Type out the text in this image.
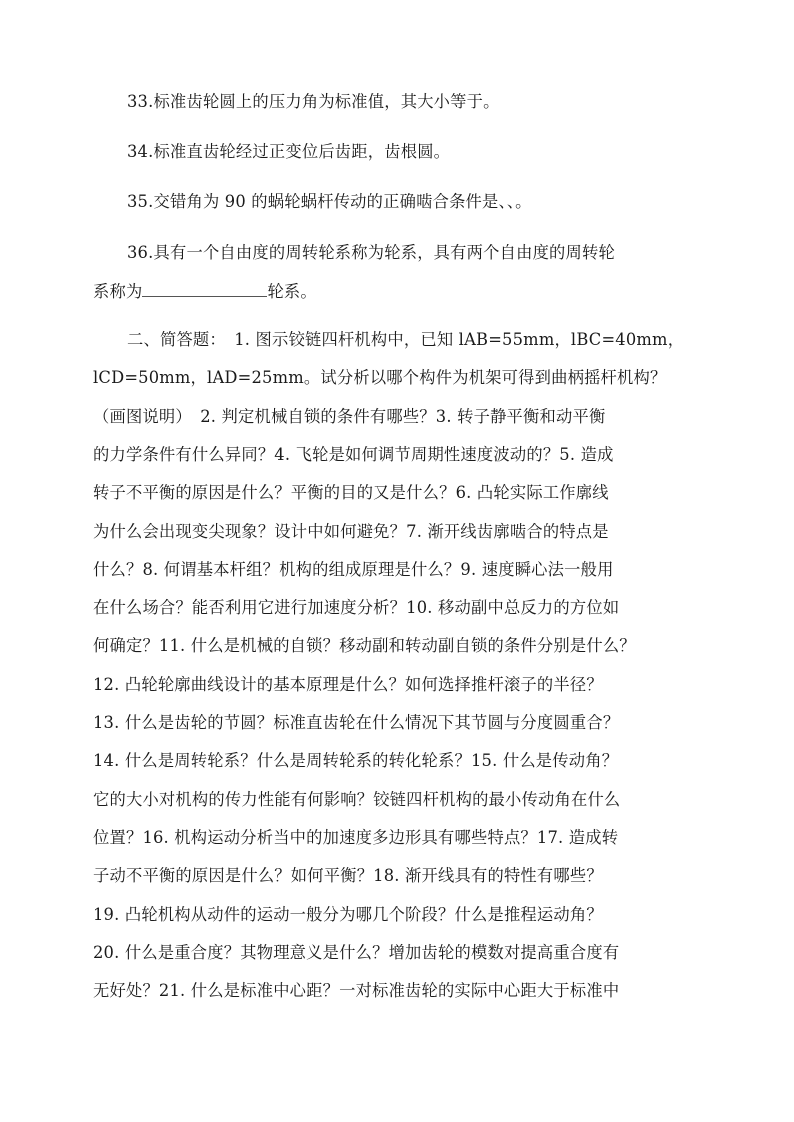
33.标准齿轮圆上的压力角为标准值，其大小等于。
34.标准直齿轮经过正变位后齿距，齿根圆。
35.交错角为 90 的蜗轮蜗杆传动的正确啮合条件是、、。
36.具有一个自由度的周转轮系称为轮系，具有两个自由度的周转轮
系称为	轮系。
二、简答题：　1. 图示铰链四杆机构中，已知 lAB=55mm，lBC=40mm，
lCD=50mm，lAD=25mm。试分析以哪个构件为机架可得到曲柄摇杆机构？
（画图说明）　2. 判定机械自锁的条件有哪些？3. 转子静平衡和动平衡
的力学条件有什么异同？4. 飞轮是如何调节周期性速度波动的？5. 造成
转子不平衡的原因是什么？平衡的目的又是什么？6. 凸轮实际工作廓线
为什么会出现变尖现象？设计中如何避免？7. 渐开线齿廓啮合的特点是
什么？8. 何谓基本杆组？机构的组成原理是什么？9. 速度瞬心法一般用
在什么场合？能否利用它进行加速度分析？10. 移动副中总反力的方位如
何确定？11. 什么是机械的自锁？移动副和转动副自锁的条件分别是什么？
12. 凸轮轮廓曲线设计的基本原理是什么？如何选择推杆滚子的半径？
13. 什么是齿轮的节圆？标准直齿轮在什么情况下其节圆与分度圆重合？
14. 什么是周转轮系？什么是周转轮系的转化轮系？15. 什么是传动角？
它的大小对机构的传力性能有何影响？铰链四杆机构的最小传动角在什么
位置？16. 机构运动分析当中的加速度多边形具有哪些特点？17. 造成转
子动不平衡的原因是什么？如何平衡？18. 渐开线具有的特性有哪些？
19. 凸轮机构从动件的运动一般分为哪几个阶段？什么是推程运动角？
20. 什么是重合度？其物理意义是什么？增加齿轮的模数对提高重合度有
无好处？21. 什么是标准中心距？一对标准齿轮的实际中心距大于标准中
